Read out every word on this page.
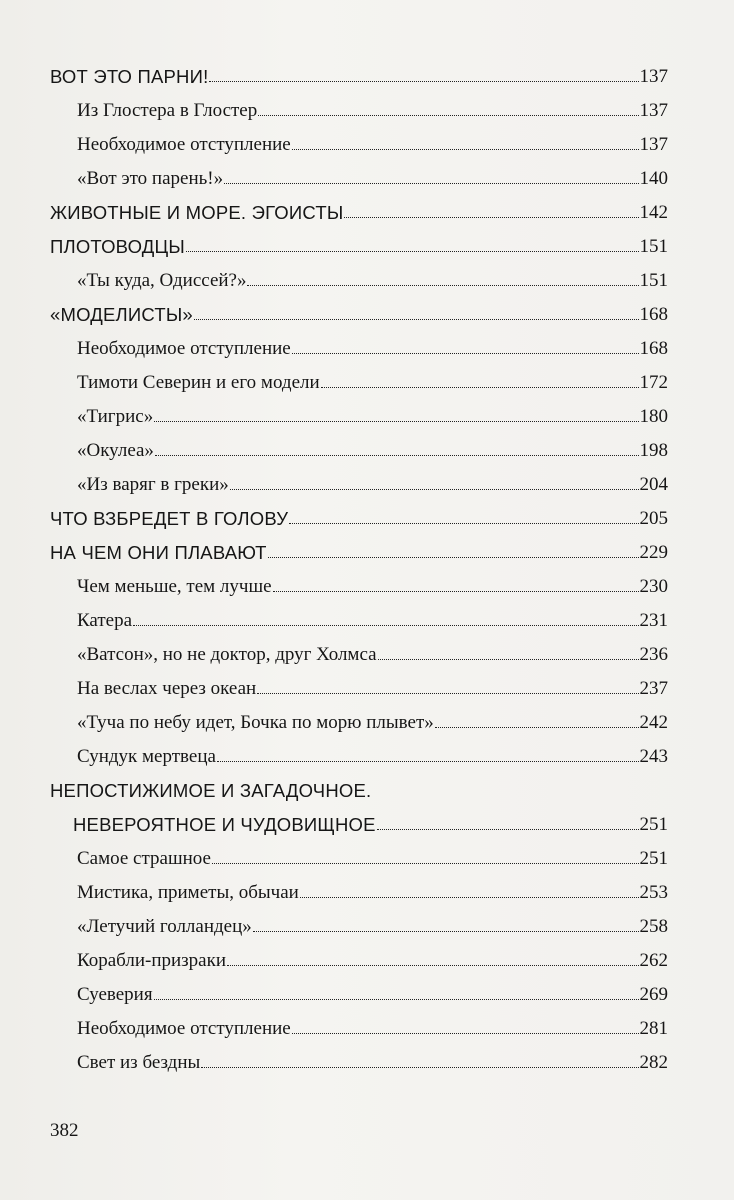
ВОТ ЭТО ПАРНИ!	137
Из Глостера в Глостер	137
Необходимое отступление	137
«Вот это парень!»	140
ЖИВОТНЫЕ И МОРЕ. ЭГОИСТЫ	142
ПЛОТОВОДЦЫ	151
«Ты куда, Одиссей?»	151
«МОДЕЛИСТЫ»	168
Необходимое отступление	168
Тимоти Северин и его модели	172
«Тигрис»	180
«Окулеа»	198
«Из варяг в греки»	204
ЧТО ВЗБРЕДЕТ В ГОЛОВУ	205
НА ЧЕМ ОНИ ПЛАВАЮТ	229
Чем меньше, тем лучше	230
Катера	231
«Ватсон», но не доктор, друг Холмса	236
На веслах через океан	237
«Туча по небу идет, Бочка по морю плывет»	242
Сундук мертвеца	243
НЕПОСТИЖИМОЕ И ЗАГАДОЧНОЕ.
НЕВЕРОЯТНОЕ И ЧУДОВИЩНОЕ	251
Самое страшное	251
Мистика, приметы, обычаи	253
«Летучий голландец»	258
Корабли-призраки	262
Суеверия	269
Необходимое отступление	281
Свет из бездны	282
382
